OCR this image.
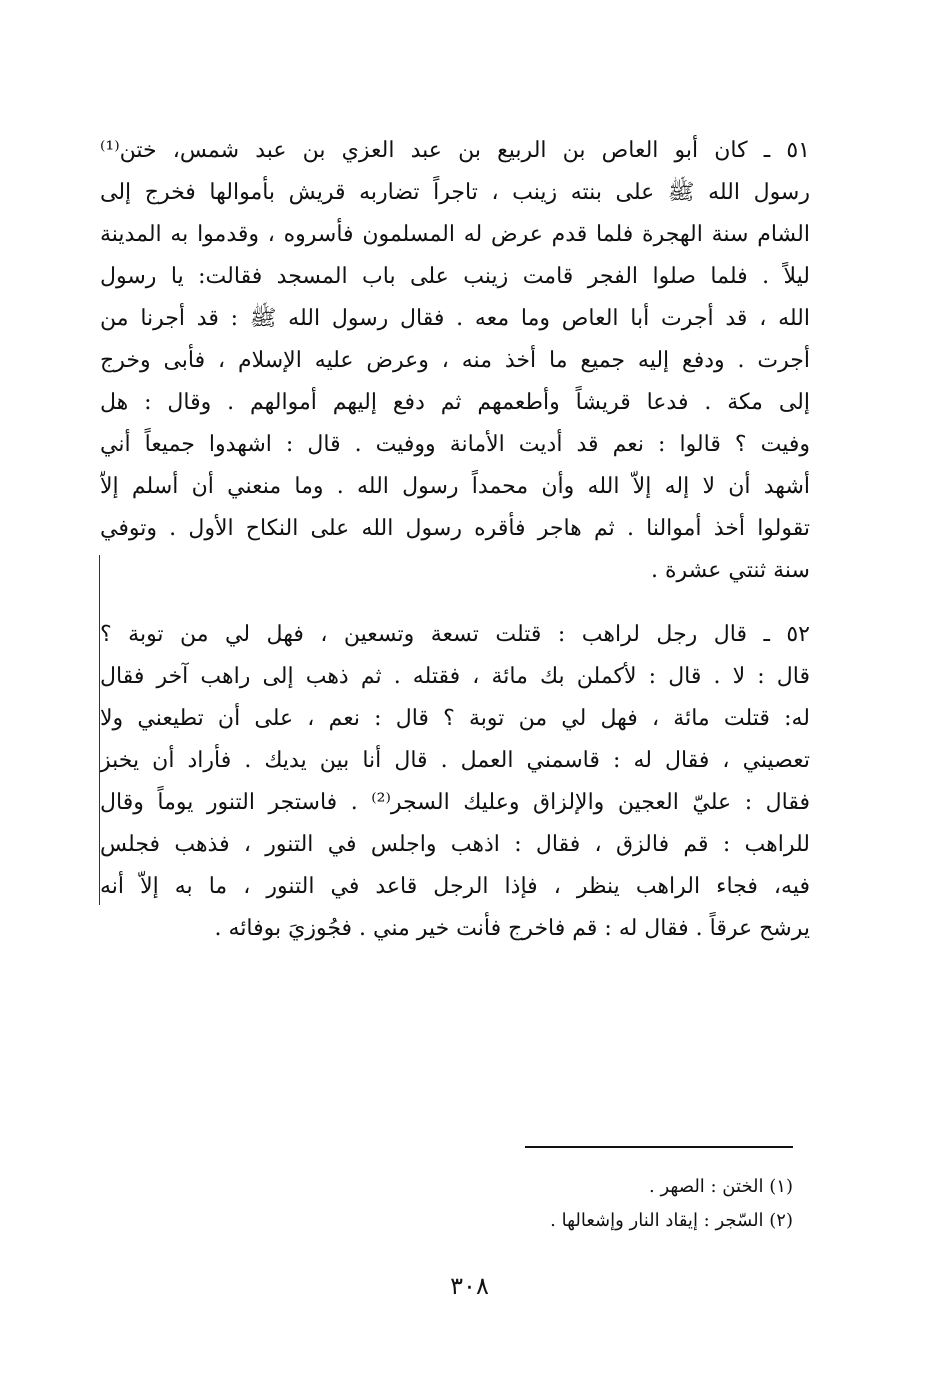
٥١ ـ كان أبو العاص بن الربيع بن عبد العزي بن عبد شمس، ختن⁽¹⁾
رسول الله ﷺ على بنته زينب ، تاجراً تضاربه قريش بأموالها فخرج إلى
الشام سنة الهجرة فلما قدم عرض له المسلمون فأسروه ، وقدموا به المدينة
ليلاً . فلما صلوا الفجر قامت زينب على باب المسجد فقالت: يا رسول
الله ، قد أجرت أبا العاص وما معه . فقال رسول الله ﷺ : قد أجرنا من
أجرت . ودفع إليه جميع ما أخذ منه ، وعرض عليه الإسلام ، فأبى وخرج
إلى مكة . فدعا قريشاً وأطعمهم ثم دفع إليهم أموالهم . وقال : هل
وفيت ؟ قالوا : نعم قد أديت الأمانة ووفيت . قال : اشهدوا جميعاً أني
أشهد أن لا إله إلاّ الله وأن محمداً رسول الله . وما منعني أن أسلم إلاّ
تقولوا أخذ أموالنا . ثم هاجر فأقره رسول الله على النكاح الأول . وتوفي
سنة ثنتي عشرة .
٥٢ ـ قال رجل لراهب : قتلت تسعة وتسعين ، فهل لي من توبة ؟
قال : لا . قال : لأكملن بك مائة ، فقتله . ثم ذهب إلى راهب آخر فقال
له: قتلت مائة ، فهل لي من توبة ؟ قال : نعم ، على أن تطيعني ولا
تعصيني ، فقال له : قاسمني العمل . قال أنا بين يديك . فأراد أن يخبز
فقال : عليّ العجين والإلزاق وعليك السجر⁽²⁾ . فاستجر التنور يوماً وقال
للراهب : قم فالزق ، فقال : اذهب واجلس في التنور ، فذهب فجلس
فيه، فجاء الراهب ينظر ، فإذا الرجل قاعد في التنور ، ما به إلاّ أنه
يرشح عرقاً . فقال له : قم فاخرج فأنت خير مني . فجُوزيَ بوفائه .
(١) الختن : الصهر .
(٢) السّجر : إيقاد النار وإشعالها .
٣٠٨
